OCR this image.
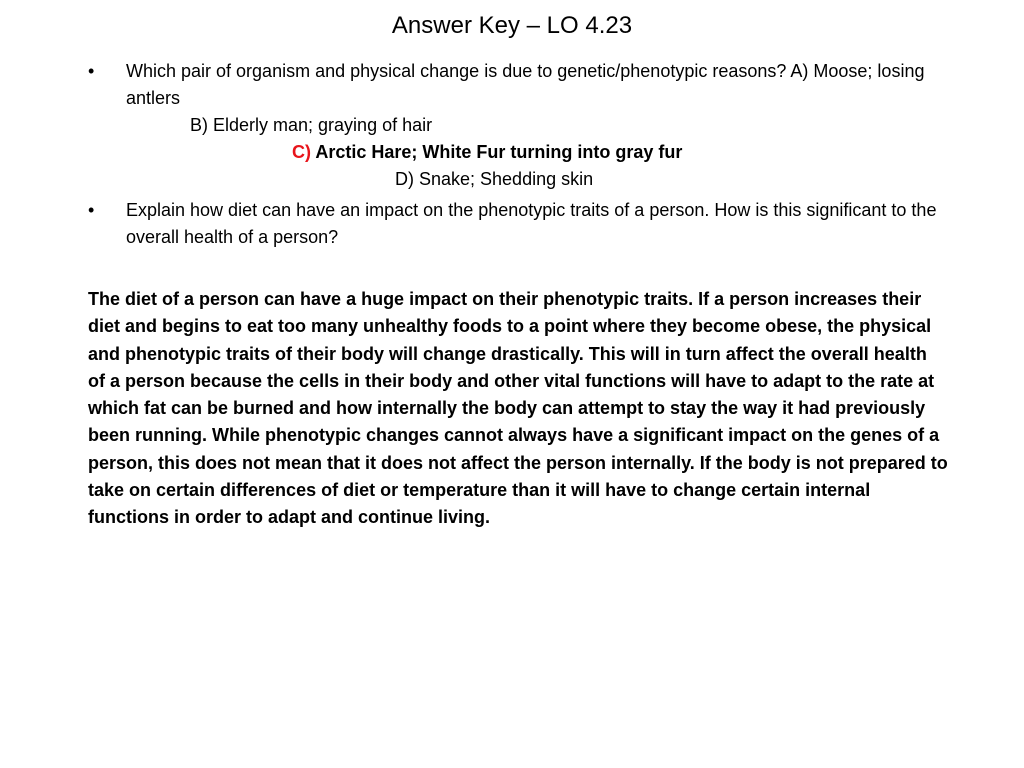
Answer Key – LO 4.23
•	Which pair of organism and physical change is due to genetic/phenotypic reasons? A) Moose; losing antlers
B) Elderly man; graying of hair
C) Arctic Hare; White Fur turning into gray fur
D) Snake; Shedding skin
•	Explain how diet can have an impact on the phenotypic traits of a person. How is this significant to the overall health of a person?

The diet of a person can have a huge impact on their phenotypic traits. If a person increases their diet and begins to eat too many unhealthy foods to a point where they become obese, the physical and phenotypic traits of their body will change drastically. This will in turn affect the overall health of a person because the cells in their body and other vital functions will have to adapt to the rate at which fat can be burned and how internally the body can attempt to stay the way it had previously been running. While phenotypic changes cannot always have a significant impact on the genes of a person, this does not mean that it does not affect the person internally. If the body is not prepared to take on certain differences of diet or temperature than it will have to change certain internal functions in order to adapt and continue living.
